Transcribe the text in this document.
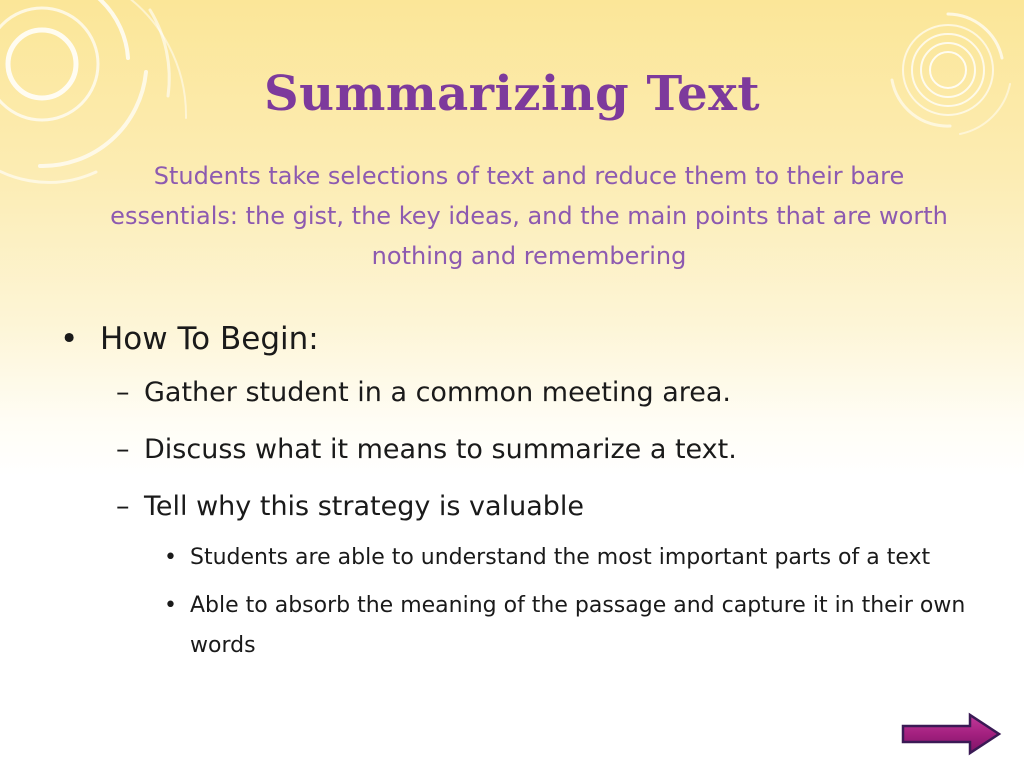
Summarizing Text

Students take selections of text and reduce them to their bare essentials: the gist, the key ideas, and the main points that are worth nothing and remembering

• How To Begin:
– Gather student in a common meeting area.
– Discuss what it means to summarize a text.
– Tell why this strategy is valuable
• Students are able to understand the most important parts of a text
• Able to absorb the meaning of the passage and capture it in their own words
